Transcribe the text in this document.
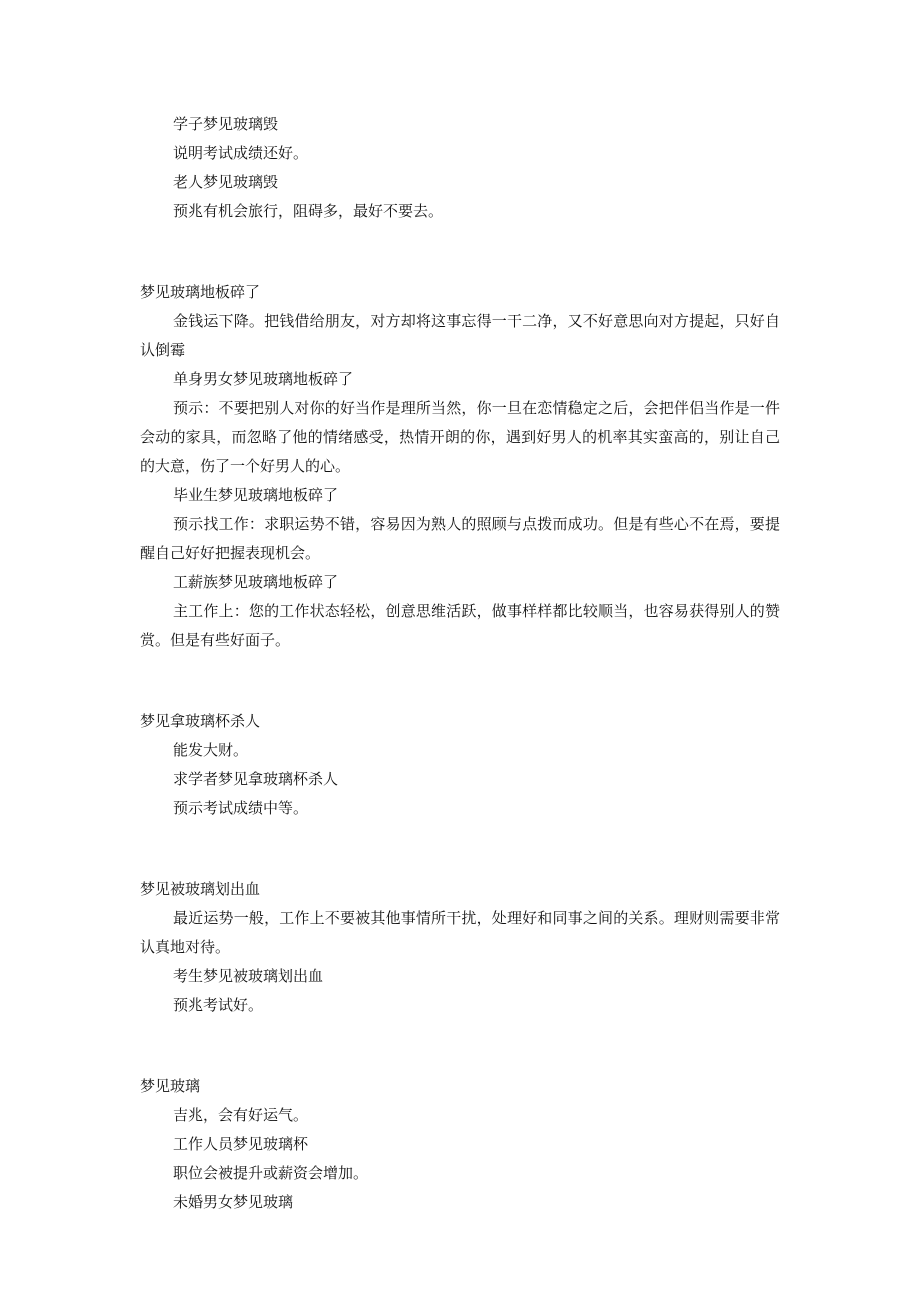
学子梦见玻璃毁

说明考试成绩还好。

老人梦见玻璃毁

预兆有机会旅行，阻碍多，最好不要去。

梦见玻璃地板碎了

金钱运下降。把钱借给朋友，对方却将这事忘得一干二净，又不好意思向对方提起，只好自认倒霉

单身男女梦见玻璃地板碎了

预示：不要把别人对你的好当作是理所当然，你一旦在恋情稳定之后，会把伴侣当作是一件会动的家具，而忽略了他的情绪感受，热情开朗的你，遇到好男人的机率其实蛮高的，别让自己的大意，伤了一个好男人的心。

毕业生梦见玻璃地板碎了

预示找工作：求职运势不错，容易因为熟人的照顾与点拨而成功。但是有些心不在焉，要提醒自己好好把握表现机会。

工薪族梦见玻璃地板碎了

主工作上：您的工作状态轻松，创意思维活跃，做事样样都比较顺当，也容易获得别人的赞赏。但是有些好面子。

梦见拿玻璃杯杀人

能发大财。

求学者梦见拿玻璃杯杀人

预示考试成绩中等。

梦见被玻璃划出血

最近运势一般，工作上不要被其他事情所干扰，处理好和同事之间的关系。理财则需要非常认真地对待。

考生梦见被玻璃划出血

预兆考试好。

梦见玻璃

吉兆，会有好运气。

工作人员梦见玻璃杯

职位会被提升或薪资会增加。

未婚男女梦见玻璃
